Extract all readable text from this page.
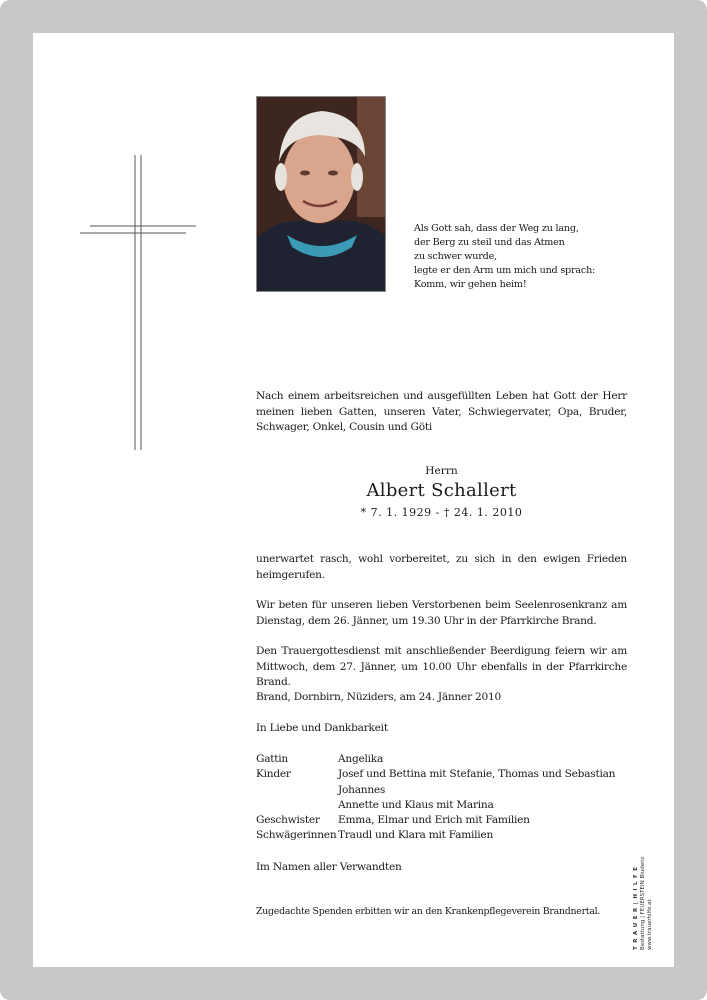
Als Gott sah, dass der Weg zu lang,
der Berg zu steil und das Atmen
zu schwer wurde,
legte er den Arm um mich und sprach:
Komm, wir gehen heim!
Nach einem arbeitsreichen und ausgefüllten Leben hat Gott der Herr meinen lieben Gatten, unseren Vater, Schwiegervater, Opa, Bruder, Schwager, Onkel, Cousin und Göti
Herrn
Albert Schallert
* 7. 1. 1929 - † 24. 1. 2010
unerwartet rasch, wohl vorbereitet, zu sich in den ewigen Frieden heimgerufen.
Wir beten für unseren lieben Verstorbenen beim Seelenrosenkranz am Dienstag, dem 26. Jänner, um 19.30 Uhr in der Pfarrkirche Brand.
Den Trauergottesdienst mit anschließender Beerdigung feiern wir am Mittwoch, dem 27. Jänner, um 10.00 Uhr ebenfalls in der Pfarrkirche Brand.
Brand, Dornbirn, Nüziders, am 24. Jänner 2010
In Liebe und Dankbarkeit
Gattin	Angelika
Kinder	Josef und Bettina mit Stefanie, Thomas und Sebastian
Johannes
Annette und Klaus mit Marina
Geschwister	Emma, Elmar und Erich mit Familien
Schwägerinnen Traudl und Klara mit Familien
Im Namen aller Verwandten
Zugedachte Spenden erbitten wir an den Krankenpflegeverein Brandnertal.	T R A U E R | H I L F E Bestattung | FEUERSTEIN Bludenz www.trauerhilfe.at
